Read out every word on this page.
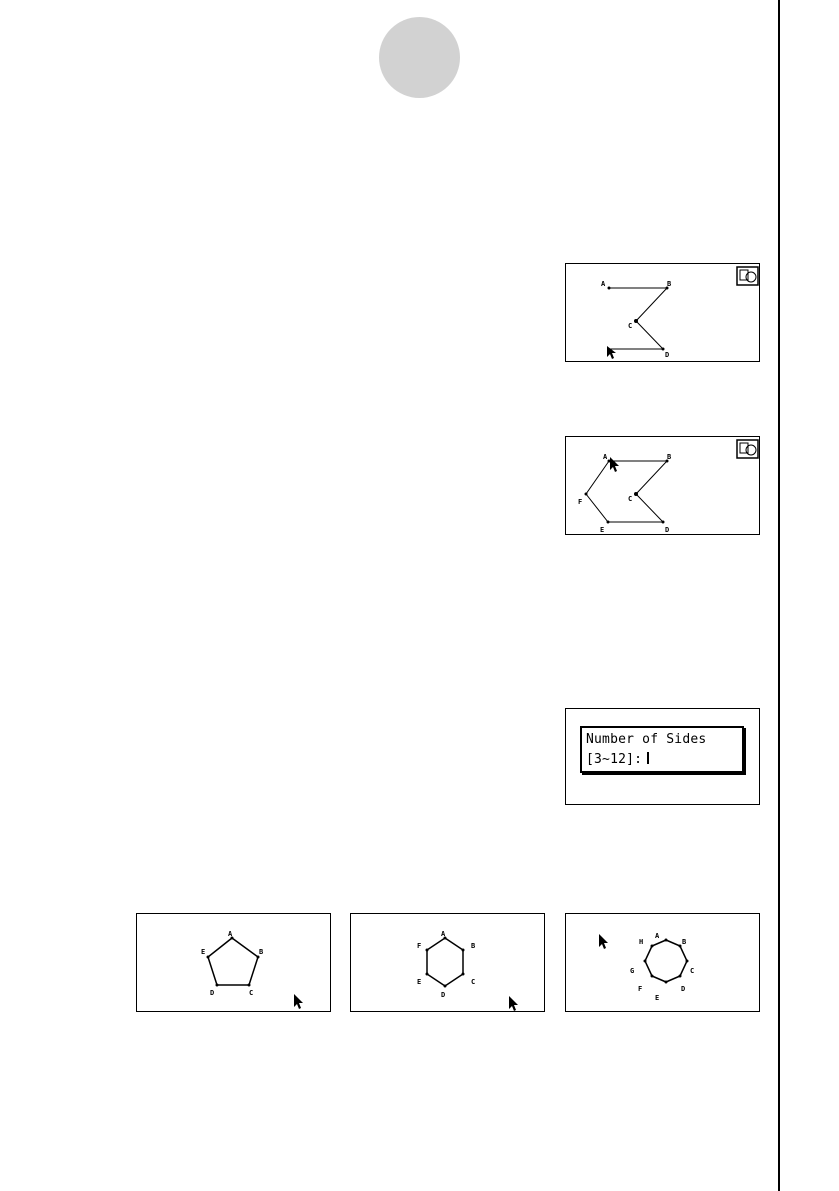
A	B
C
D
A	B
C
D
E
F
Number of Sides
[3~12]:
A
B
C
D
E
A
B
C
D
E
F
A
B
C
D
E
F
G
H
